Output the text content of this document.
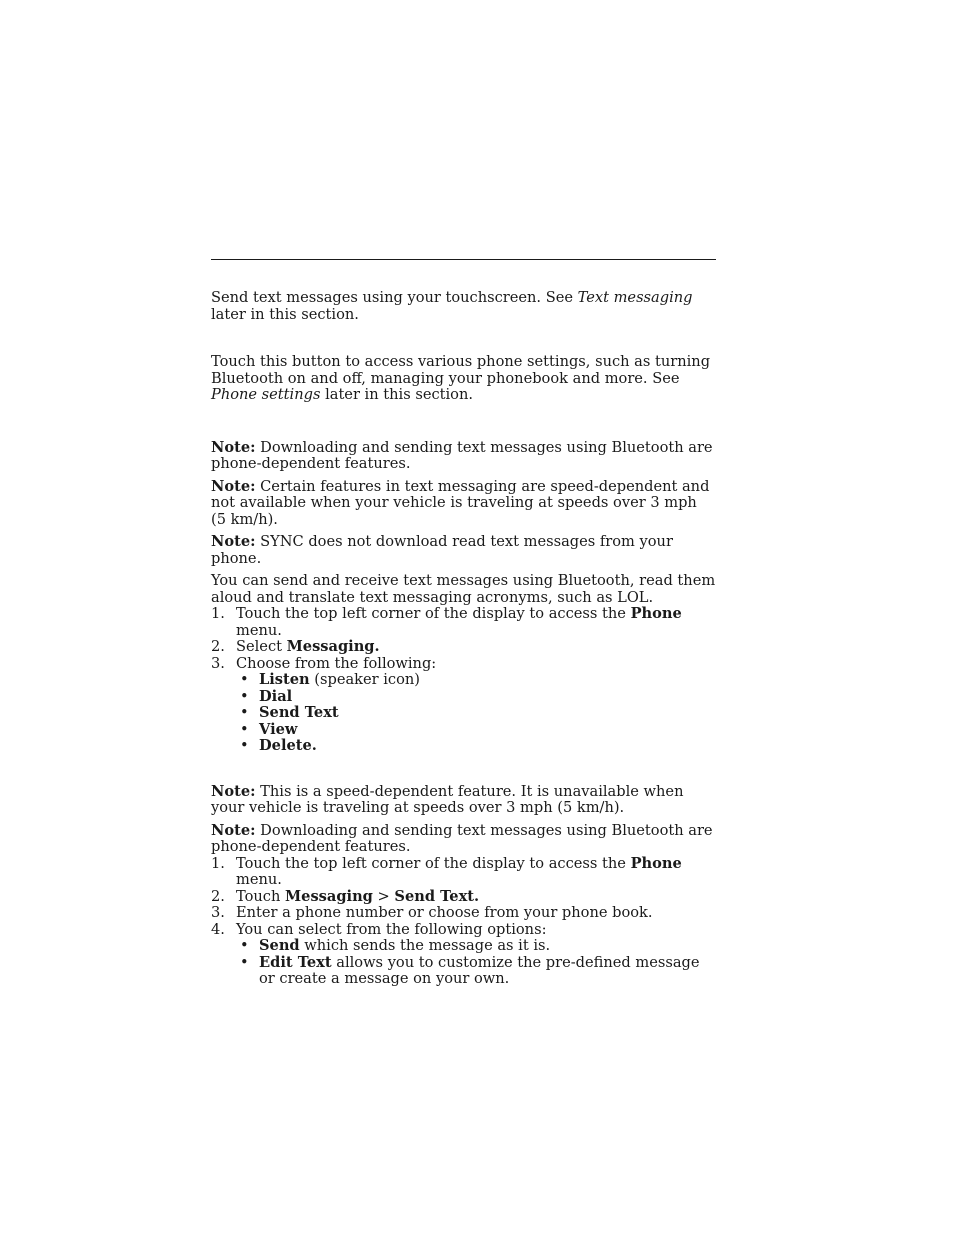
Send text messages using your touchscreen. See Text messaging later in this section.

Touch this button to access various phone settings, such as turning Bluetooth on and off, managing your phonebook and more. See Phone settings later in this section.

Note: Downloading and sending text messages using Bluetooth are phone-dependent features.

Note: Certain features in text messaging are speed-dependent and not available when your vehicle is traveling at speeds over 3 mph (5 km/h).

Note: SYNC does not download read text messages from your phone.

You can send and receive text messages using Bluetooth, read them aloud and translate text messaging acronyms, such as LOL.

1. Touch the top left corner of the display to access the Phone menu.
2. Select Messaging.
3. Choose from the following:
• Listen (speaker icon)
• Dial
• Send Text
• View
• Delete.

Note: This is a speed-dependent feature. It is unavailable when your vehicle is traveling at speeds over 3 mph (5 km/h).

Note: Downloading and sending text messages using Bluetooth are phone-dependent features.

1. Touch the top left corner of the display to access the Phone menu.
2. Touch Messaging > Send Text.
3. Enter a phone number or choose from your phone book.
4. You can select from the following options:
• Send which sends the message as it is.
• Edit Text allows you to customize the pre-defined message or create a message on your own.
